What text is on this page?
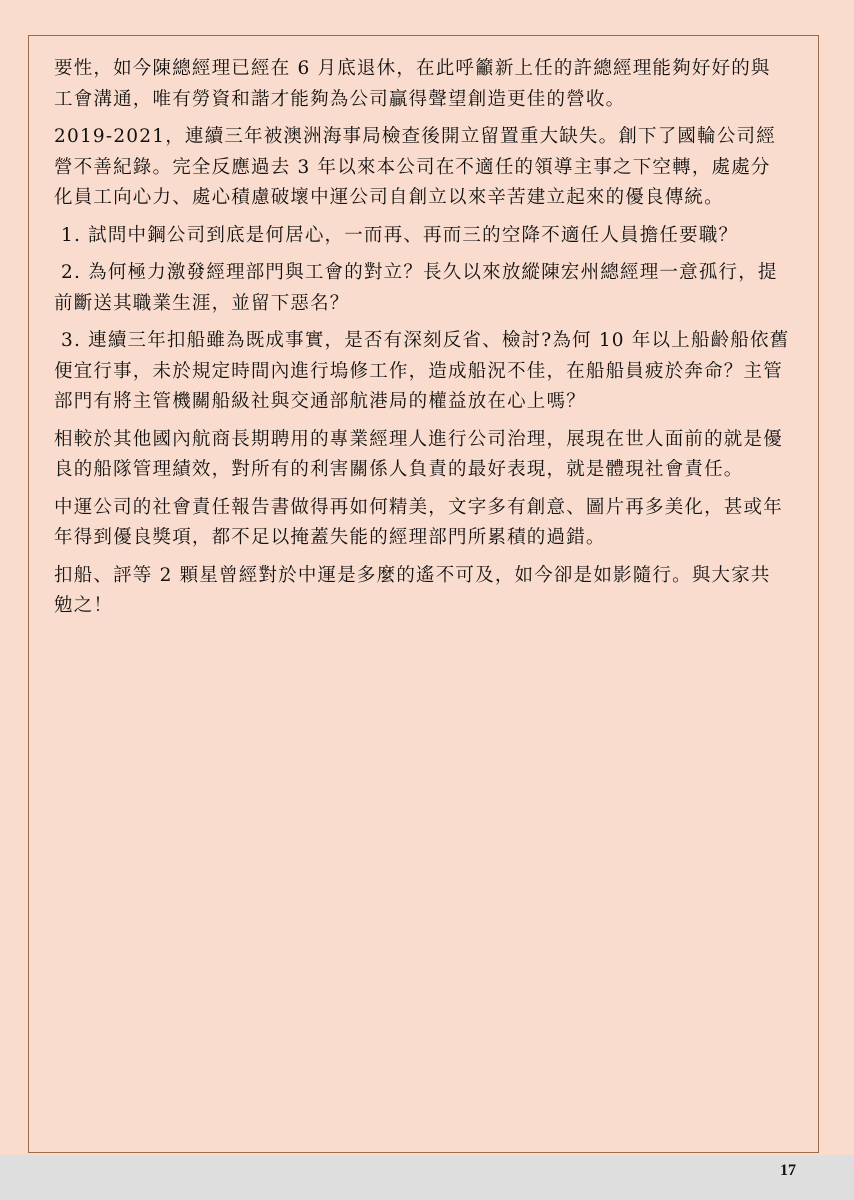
要性，如今陳總經理已經在 6 月底退休，在此呼籲新上任的許總經理能夠好好的與工會溝通，唯有勞資和諧才能夠為公司贏得聲望創造更佳的營收。

2019-2021，連續三年被澳洲海事局檢查後開立留置重大缺失。創下了國輪公司經營不善紀錄。完全反應過去 3 年以來本公司在不適任的領導主事之下空轉，處處分化員工向心力、處心積慮破壞中運公司自創立以來辛苦建立起來的優良傳統。

1. 試問中鋼公司到底是何居心，一而再、再而三的空降不適任人員擔任要職？

2. 為何極力激發經理部門與工會的對立？長久以來放縱陳宏州總經理一意孤行，提前斷送其職業生涯，並留下惡名？

3. 連續三年扣船雖為既成事實，是否有深刻反省、檢討?為何 10 年以上船齡船依舊便宜行事，未於規定時間內進行塢修工作，造成船況不佳，在船船員疲於奔命？主管部門有將主管機關船級社與交通部航港局的權益放在心上嗎？

相較於其他國內航商長期聘用的專業經理人進行公司治理，展現在世人面前的就是優良的船隊管理績效，對所有的利害關係人負責的最好表現，就是體現社會責任。

中運公司的社會責任報告書做得再如何精美，文字多有創意、圖片再多美化，甚或年年得到優良獎項，都不足以掩蓋失能的經理部門所累積的過錯。

扣船、評等 2 顆星曾經對於中運是多麼的遙不可及，如今卻是如影隨行。與大家共勉之！

17
